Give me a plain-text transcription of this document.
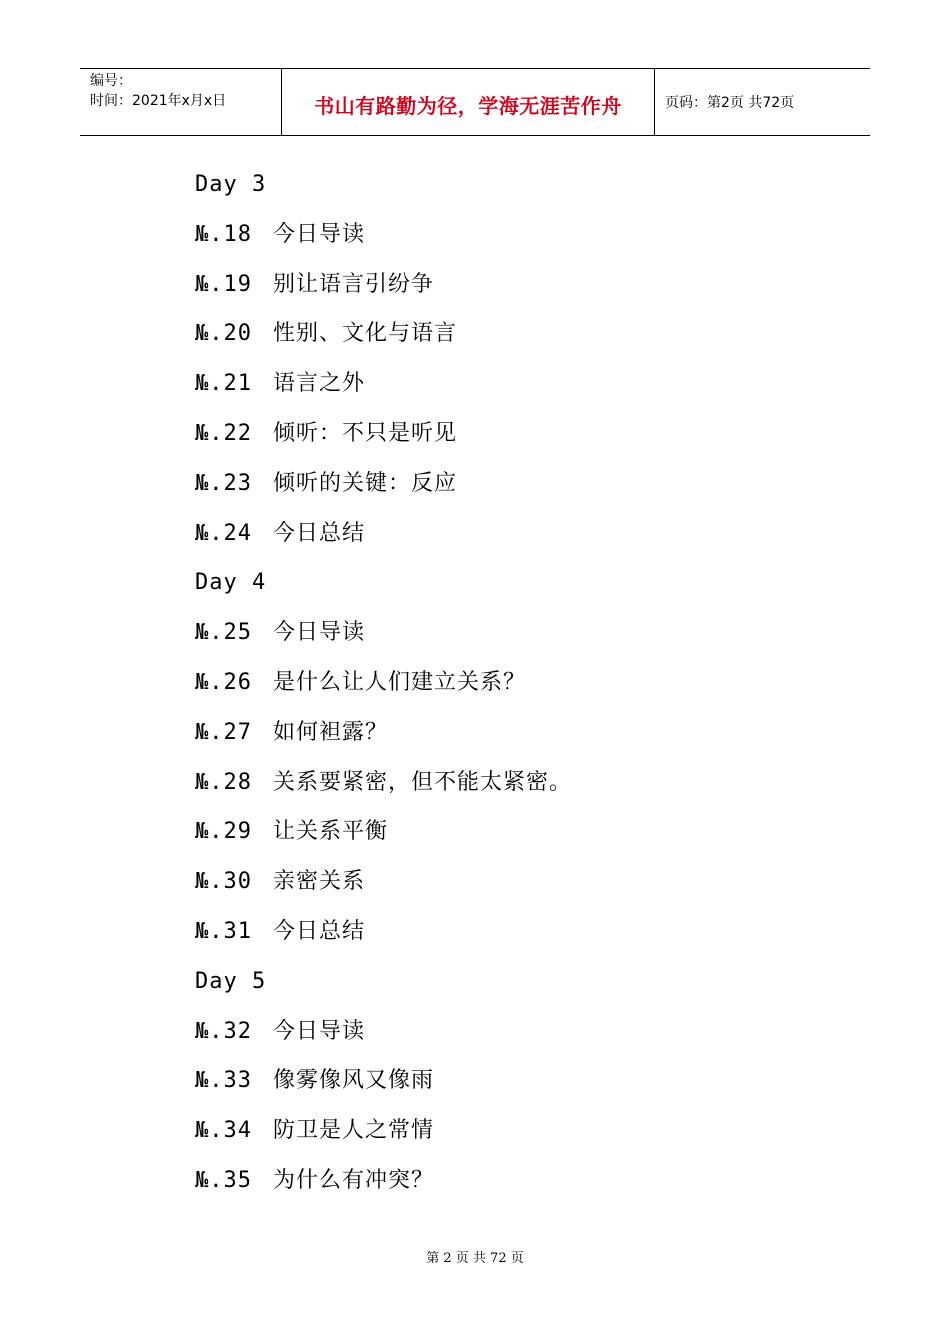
编号：
时间：2021年x月x日	书山有路勤为径，学海无涯苦作舟	页码：第2页 共72页
Day 3
№.18 今日导读
№.19 别让语言引纷争
№.20 性别、文化与语言
№.21 语言之外
№.22 倾听：不只是听见
№.23 倾听的关键：反应
№.24 今日总结
Day 4
№.25 今日导读
№.26 是什么让人们建立关系？
№.27 如何袒露？
№.28 关系要紧密，但不能太紧密。
№.29 让关系平衡
№.30 亲密关系
№.31 今日总结
Day 5
№.32 今日导读
№.33 像雾像风又像雨
№.34 防卫是人之常情
№.35 为什么有冲突？
第 2 页 共 72 页
